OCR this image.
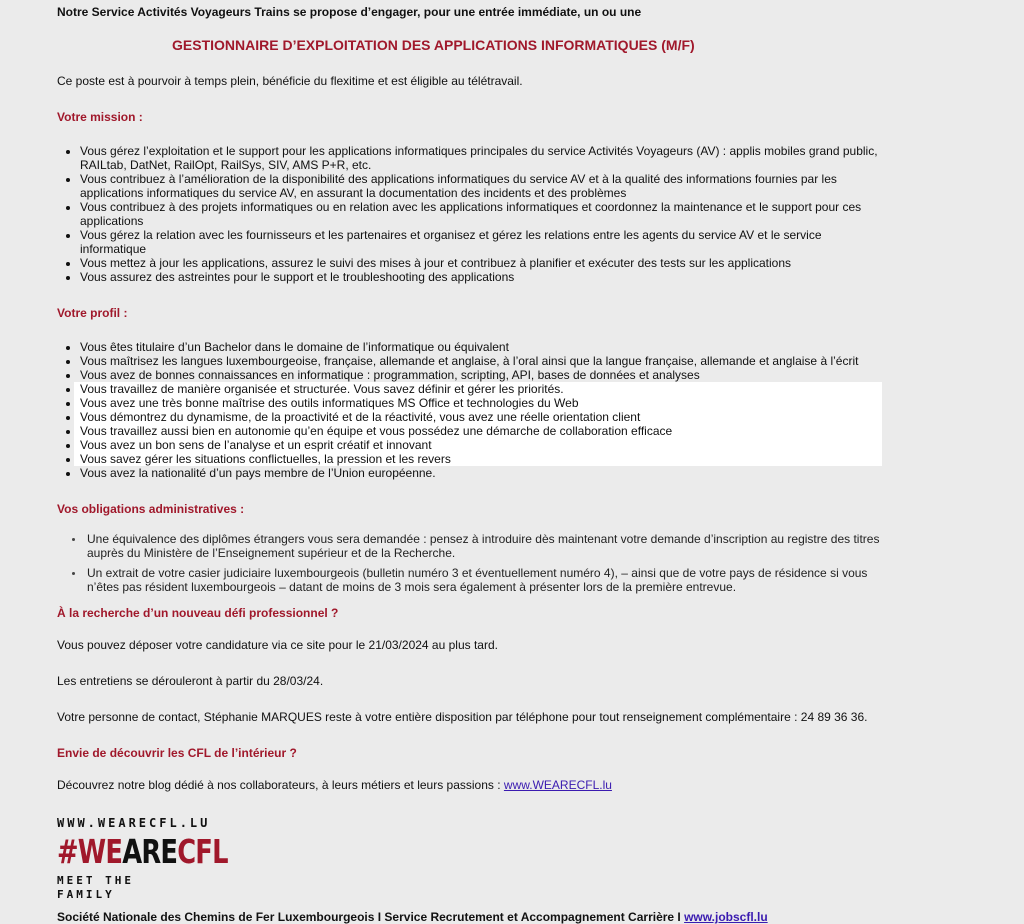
Notre Service Activités Voyageurs Trains se propose d’engager, pour une entrée immédiate, un ou une

GESTIONNAIRE D’EXPLOITATION DES APPLICATIONS INFORMATIQUES (M/F)

Ce poste est à pourvoir à temps plein, bénéficie du flexitime et est éligible au télétravail.

Votre mission :
• Vous gérez l’exploitation et le support pour les applications informatiques principales du service Activités Voyageurs (AV) : applis mobiles grand public, RAILtab, DatNet, RailOpt, RailSys, SIV, AMS P+R, etc.
• Vous contribuez à l’amélioration de la disponibilité des applications informatiques du service AV et à la qualité des informations fournies par les applications informatiques du service AV, en assurant la documentation des incidents et des problèmes
• Vous contribuez à des projets informatiques ou en relation avec les applications informatiques et coordonnez la maintenance et le support pour ces applications
• Vous gérez la relation avec les fournisseurs et les partenaires et organisez et gérez les relations entre les agents du service AV et le service informatique
• Vous mettez à jour les applications, assurez le suivi des mises à jour et contribuez à planifier et exécuter des tests sur les applications
• Vous assurez des astreintes pour le support et le troubleshooting des applications
Votre profil :
• Vous êtes titulaire d’un Bachelor dans le domaine de l’informatique ou équivalent
• Vous maîtrisez les langues luxembourgeoise, française, allemande et anglaise, à l’oral ainsi que la langue française, allemande et anglaise à l’écrit
• Vous avez de bonnes connaissances en informatique : programmation, scripting, API, bases de données et analyses
• Vous travaillez de manière organisée et structurée. Vous savez définir et gérer les priorités.
• Vous avez une très bonne maîtrise des outils informatiques MS Office et technologies du Web
• Vous démontrez du dynamisme, de la proactivité et de la réactivité, vous avez une réelle orientation client
• Vous travaillez aussi bien en autonomie qu’en équipe et vous possédez une démarche de collaboration efficace
• Vous avez un bon sens de l’analyse et un esprit créatif et innovant
• Vous savez gérer les situations conflictuelles, la pression et les revers
• Vous avez la nationalité d’un pays membre de l’Union européenne.
Vos obligations administratives :
Une équivalence des diplômes étrangers vous sera demandée : pensez à introduire dès maintenant votre demande d’inscription au registre des titres auprès du Ministère de l’Enseignement supérieur et de la Recherche.
Un extrait de votre casier judiciaire luxembourgeois (bulletin numéro 3 et éventuellement numéro 4), – ainsi que de votre pays de résidence si vous n’êtes pas résident luxembourgeois – datant de moins de 3 mois sera également à présenter lors de la première entrevue.
À la recherche d’un nouveau défi professionnel ?
Vous pouvez déposer votre candidature via ce site pour le 21/03/2024 au plus tard.
Les entretiens se dérouleront à partir du 28/03/24.
Votre personne de contact, Stéphanie MARQUES reste à votre entière disposition par téléphone pour tout renseignement complémentaire : 24 89 36 36.
Envie de découvrir les CFL de l’intérieur ?
Découvrez notre blog dédié à nos collaborateurs, à leurs métiers et leurs passions : www.WEARECFL.lu
WWW.WEARECFL.LU
#WEARECFL
MEET THE FAMILY
Société Nationale des Chemins de Fer Luxembourgeois I Service Recrutement et Accompagnement Carrière I www.jobscfl.lu
